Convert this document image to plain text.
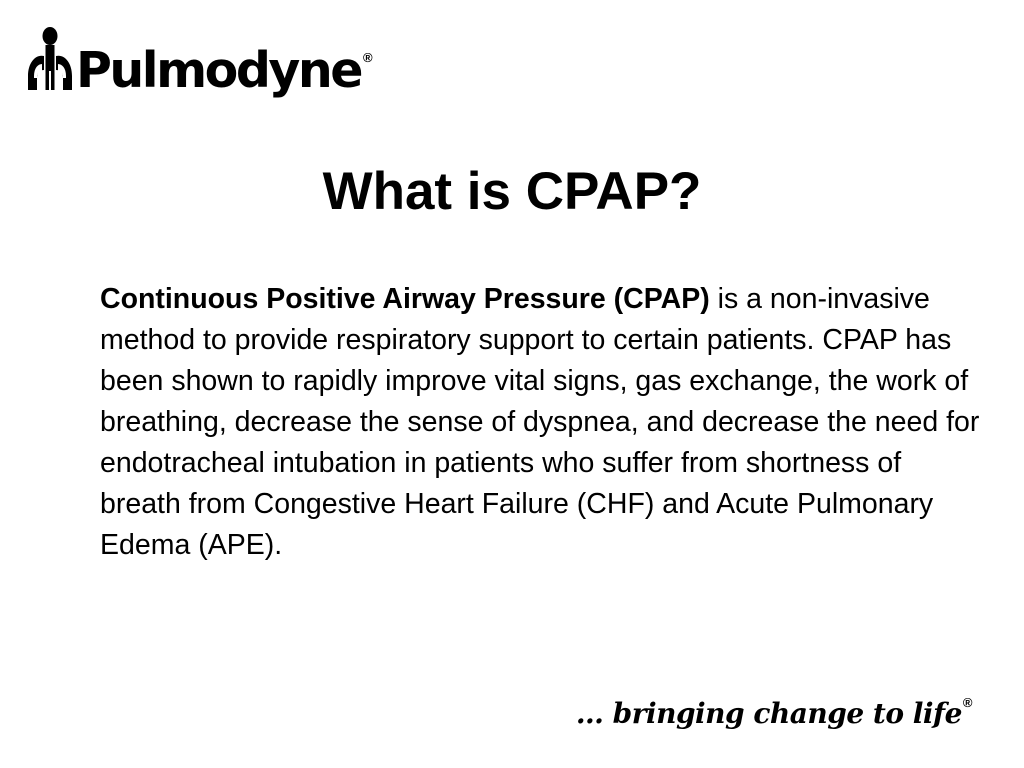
Pulmodyne ®
What is CPAP?

Continuous Positive Airway Pressure (CPAP) is a non-invasive method to provide respiratory support to certain patients. CPAP has been shown to rapidly improve vital signs, gas exchange, the work of breathing, decrease the sense of dyspnea, and decrease the need for endotracheal intubation in patients who suffer from shortness of breath from Congestive Heart Failure (CHF) and Acute Pulmonary Edema (APE).

… bringing change to life®
